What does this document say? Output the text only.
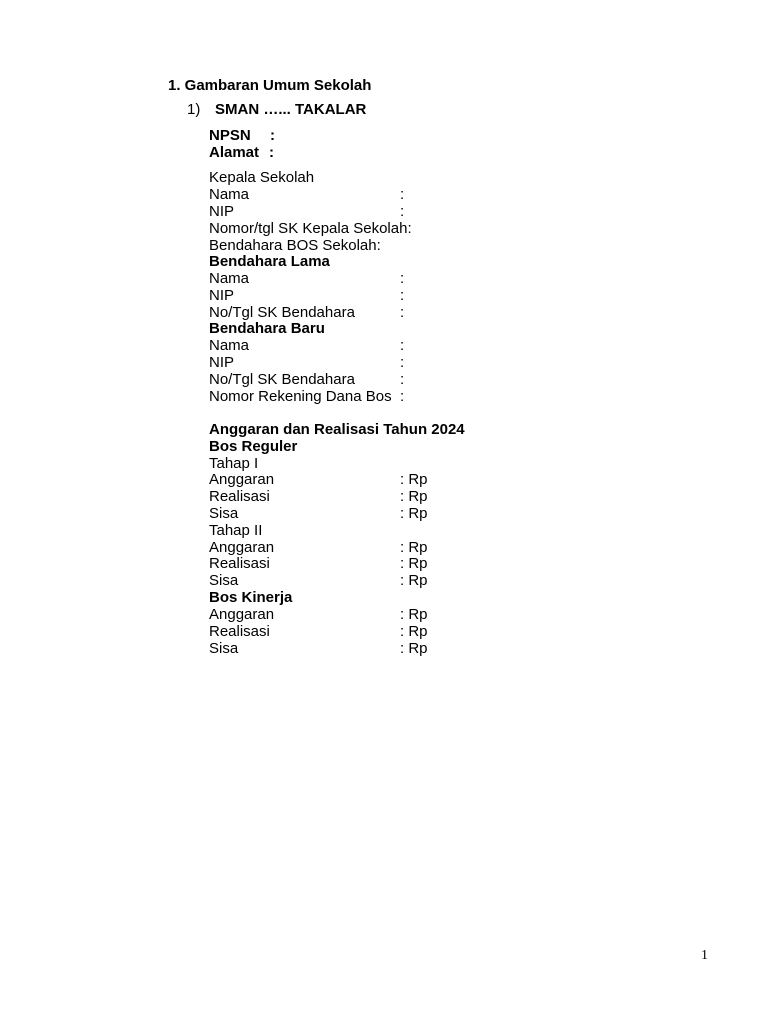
1. Gambaran Umum Sekolah
1) SMAN …... TAKALAR
NPSN :
Alamat :
Kepala Sekolah
Nama	:
NIP	:
Nomor/tgl SK Kepala Sekolah:
Bendahara BOS Sekolah:
Bendahara Lama
Nama	:
NIP	:
No/Tgl SK Bendahara	:
Bendahara Baru
Nama	:
NIP	:
No/Tgl SK Bendahara	:
Nomor Rekening Dana Bos :
Anggaran dan Realisasi Tahun 2024
Bos Reguler
Tahap I
Anggaran	: Rp
Realisasi	: Rp
Sisa	: Rp
Tahap II
Anggaran	: Rp
Realisasi	: Rp
Sisa	: Rp
Bos Kinerja
Anggaran	: Rp
Realisasi	: Rp
Sisa	: Rp
1
